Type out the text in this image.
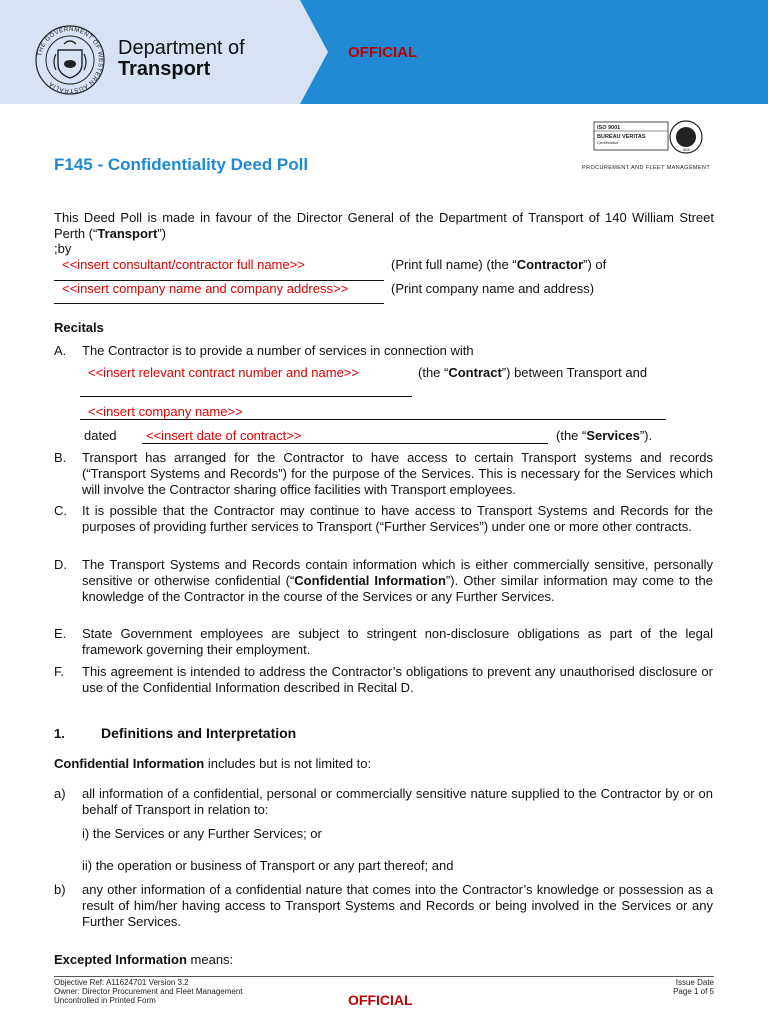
THE GOVERNMENT OF WESTERN AUSTRALIA
Department of
Transport
OFFICIAL
ISO 9001
BUREAU VERITAS
Certification
1828
PROCUREMENT AND FLEET MANAGEMENT
F145 - Confidentiality Deed Poll
This Deed Poll is made in favour of the Director General of the Department of Transport of 140 William Street Perth (“Transport”)
;by
<<insert consultant/contractor full name>>	(Print full name) (the “Contractor”) of
<<insert company name and company address>>	(Print company name and address)
Recitals
A. The Contractor is to provide a number of services in connection with
<<insert relevant contract number and name>>	(the “Contract”) between Transport and
<<insert company name>>
dated <<insert date of contract>>	(the “Services”).
B. Transport has arranged for the Contractor to have access to certain Transport systems and records (“Transport Systems and Records”) for the purpose of the Services. This is necessary for the Services which will involve the Contractor sharing office facilities with Transport employees.
C. It is possible that the Contractor may continue to have access to Transport Systems and Records for the purposes of providing further services to Transport (“Further Services”) under one or more other contracts.
D. The Transport Systems and Records contain information which is either commercially sensitive, personally sensitive or otherwise confidential (“Confidential Information”). Other similar information may come to the knowledge of the Contractor in the course of the Services or any Further Services.
E. State Government employees are subject to stringent non-disclosure obligations as part of the legal framework governing their employment.
F. This agreement is intended to address the Contractor’s obligations to prevent any unauthorised disclosure or use of the Confidential Information described in Recital D.
1.	Definitions and Interpretation
Confidential Information includes but is not limited to:
a) all information of a confidential, personal or commercially sensitive nature supplied to the Contractor by or on behalf of Transport in relation to:
i) the Services or any Further Services; or
ii) the operation or business of Transport or any part thereof; and
b) any other information of a confidential nature that comes into the Contractor’s knowledge or possession as a result of him/her having access to Transport Systems and Records or being involved in the Services or any Further Services.
Excepted Information means:
Objective Ref: A11624701 Version 3.2
Owner: Director Procurement and Fleet Management
Uncontrolled in Printed Form
Issue Date
Page 1 of 5
OFFICIAL
